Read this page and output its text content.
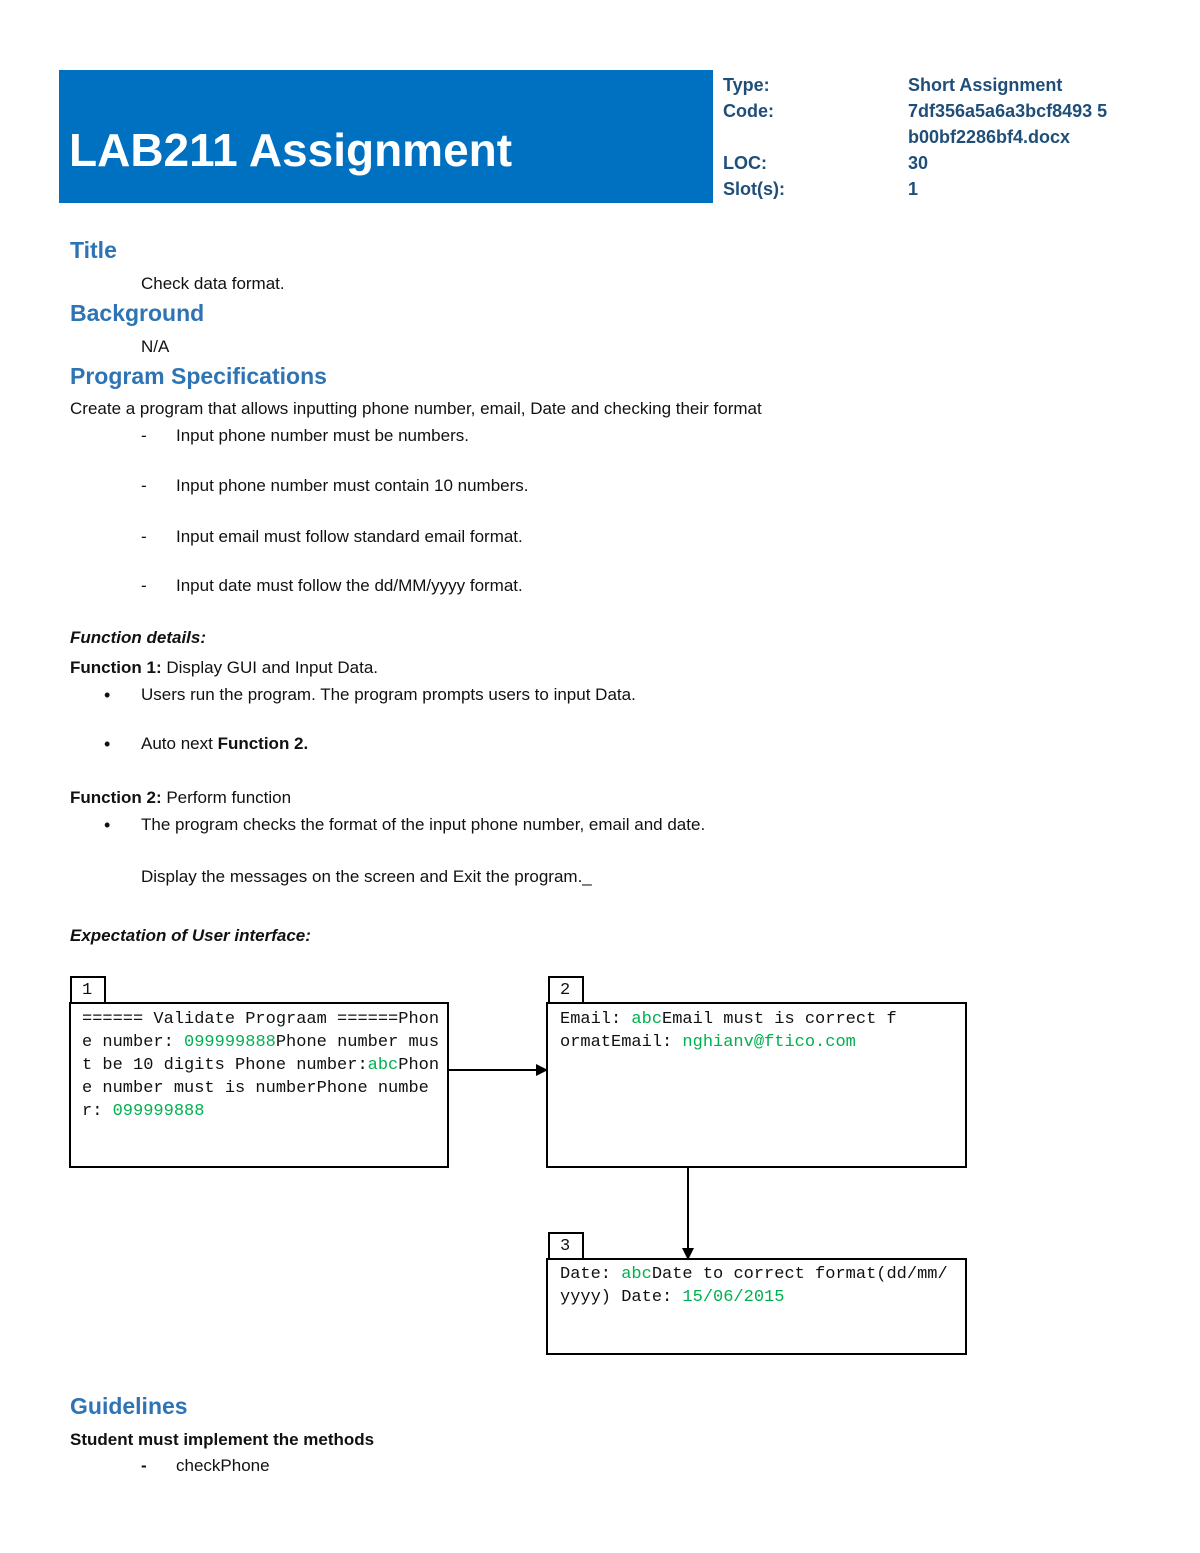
LAB211 Assignment
Type:	Short Assignment
Code:	7df356a5a6a3bcf8493 5b00bf2286bf4.docx
LOC:	30
Slot(s):	1
Title
Check data format.
Background
N/A
Program Specifications
Create a program that allows inputting phone number, email, Date and checking their format
- Input phone number must be numbers.
- Input phone number must contain 10 numbers.
- Input email must follow standard email format.
- Input date must follow the dd/MM/yyyy format.
Function details:
Function 1: Display GUI and Input Data.
• Users run the program. The program prompts users to input Data.
• Auto next Function 2.
Function 2: Perform function
• The program checks the format of the input phone number, email and date.
Display the messages on the screen and Exit the program._
Expectation of User interface:
1
====== Validate Prograam ======Phone number: 099999888Phone number must be 10 digits Phone number:abcPhone number must is numberPhone number: 099999888
2
Email: abcEmail must is correct formatEmail: nghianv@ftico.com
3
Date: abcDate to correct format(dd/mm/yyyy) Date: 15/06/2015
Guidelines
Student must implement the methods
- checkPhone
